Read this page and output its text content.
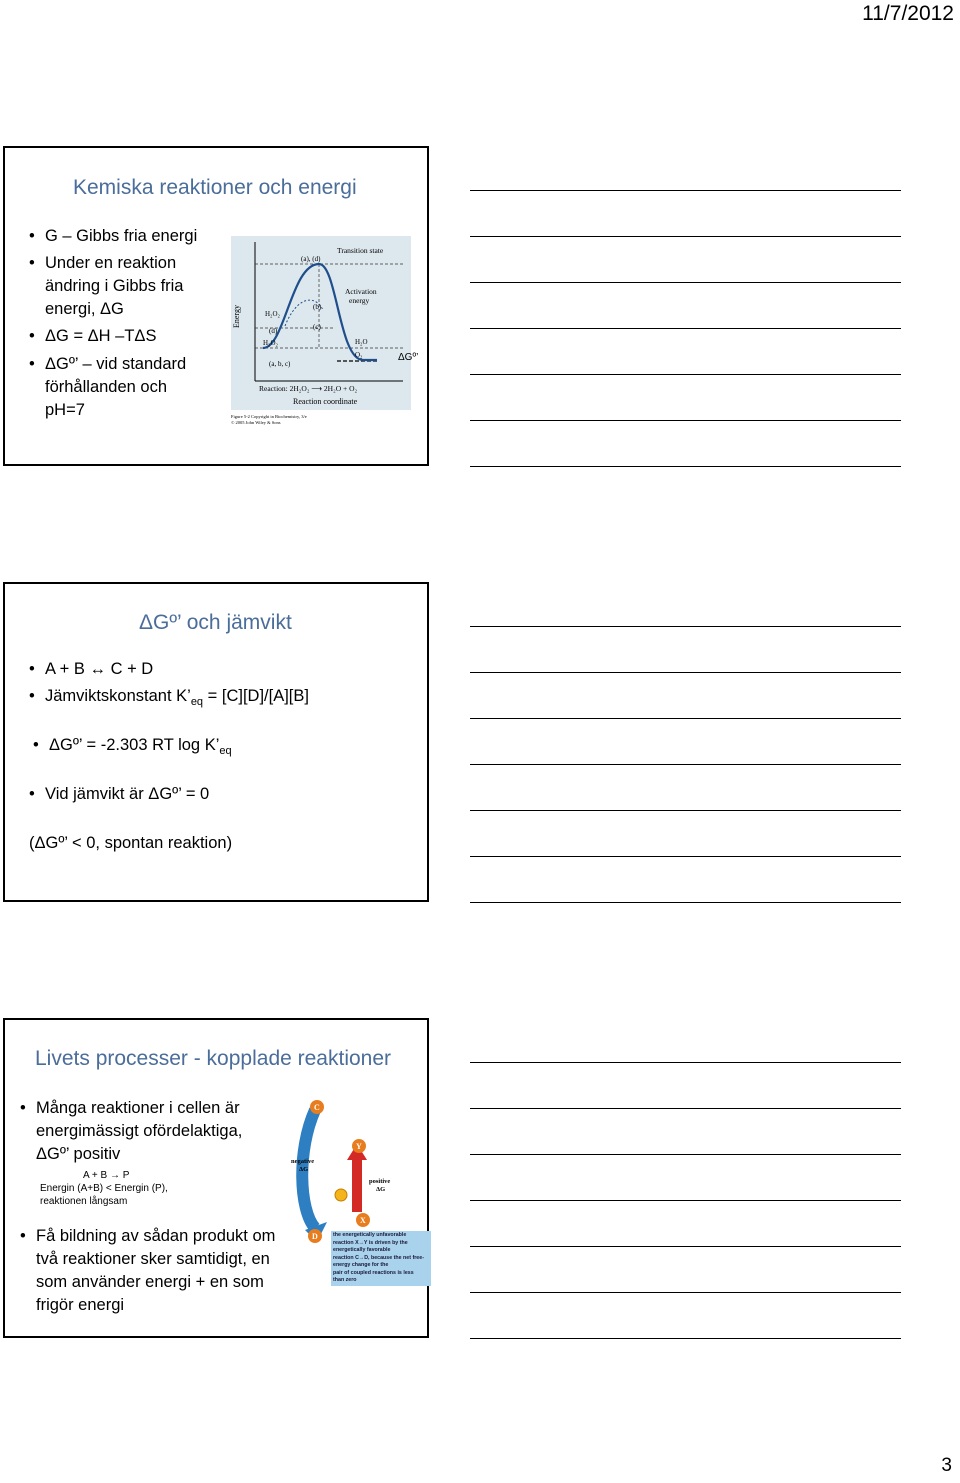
11/7/2012
Kemiska reaktioner och energi
• G – Gibbs fria energi
• Under en reaktion ändring i Gibbs fria energi, ΔG
• ΔG = ΔH –TΔS
• ΔGº’ – vid standard förhållanden och pH=7
Energy
Reaction coordinate
Transition state
Activation
energy
(a), (d)
(b)
(c)
H₂O₂
(d)
H₂O₂
(a, b, c)
H₂O
O₂
Reaction: 2H₂O₂ ⟶ 2H₂O + O₂
Figure 5-2 Copyright in Biochemistry, 3/e
© 2005 John Wiley & Sons
ΔGº’
ΔGº’ och jämvikt
• A + B ↔ C + D
• Jämviktskonstant $K’_{eq} = [C][D]/[A][B]$
• ΔGº’ = -2.303 RT $\log K’_{eq}$
• Vid jämvikt är ΔGº’ = 0
(ΔGº’ < 0, spontan reaktion)
Livets processer - kopplade reaktioner
• Många reaktioner i cellen är energimässigt ofördelaktiga, ΔGº’ positiv
A + B → P
Energin (A+B) < Energin (P),
reaktionen långsam
• Få bildning av sådan produkt om två reaktioner sker samtidigt, en som använder energi + en som frigör energi
C
Y
D
X
negative
ΔG
positive
ΔG
the energetically unfavorable
reaction X→Y is driven by the
energetically favorable
reaction C→D, because the net free-
energy change for the
pair of coupled reactions is less
than zero
3
